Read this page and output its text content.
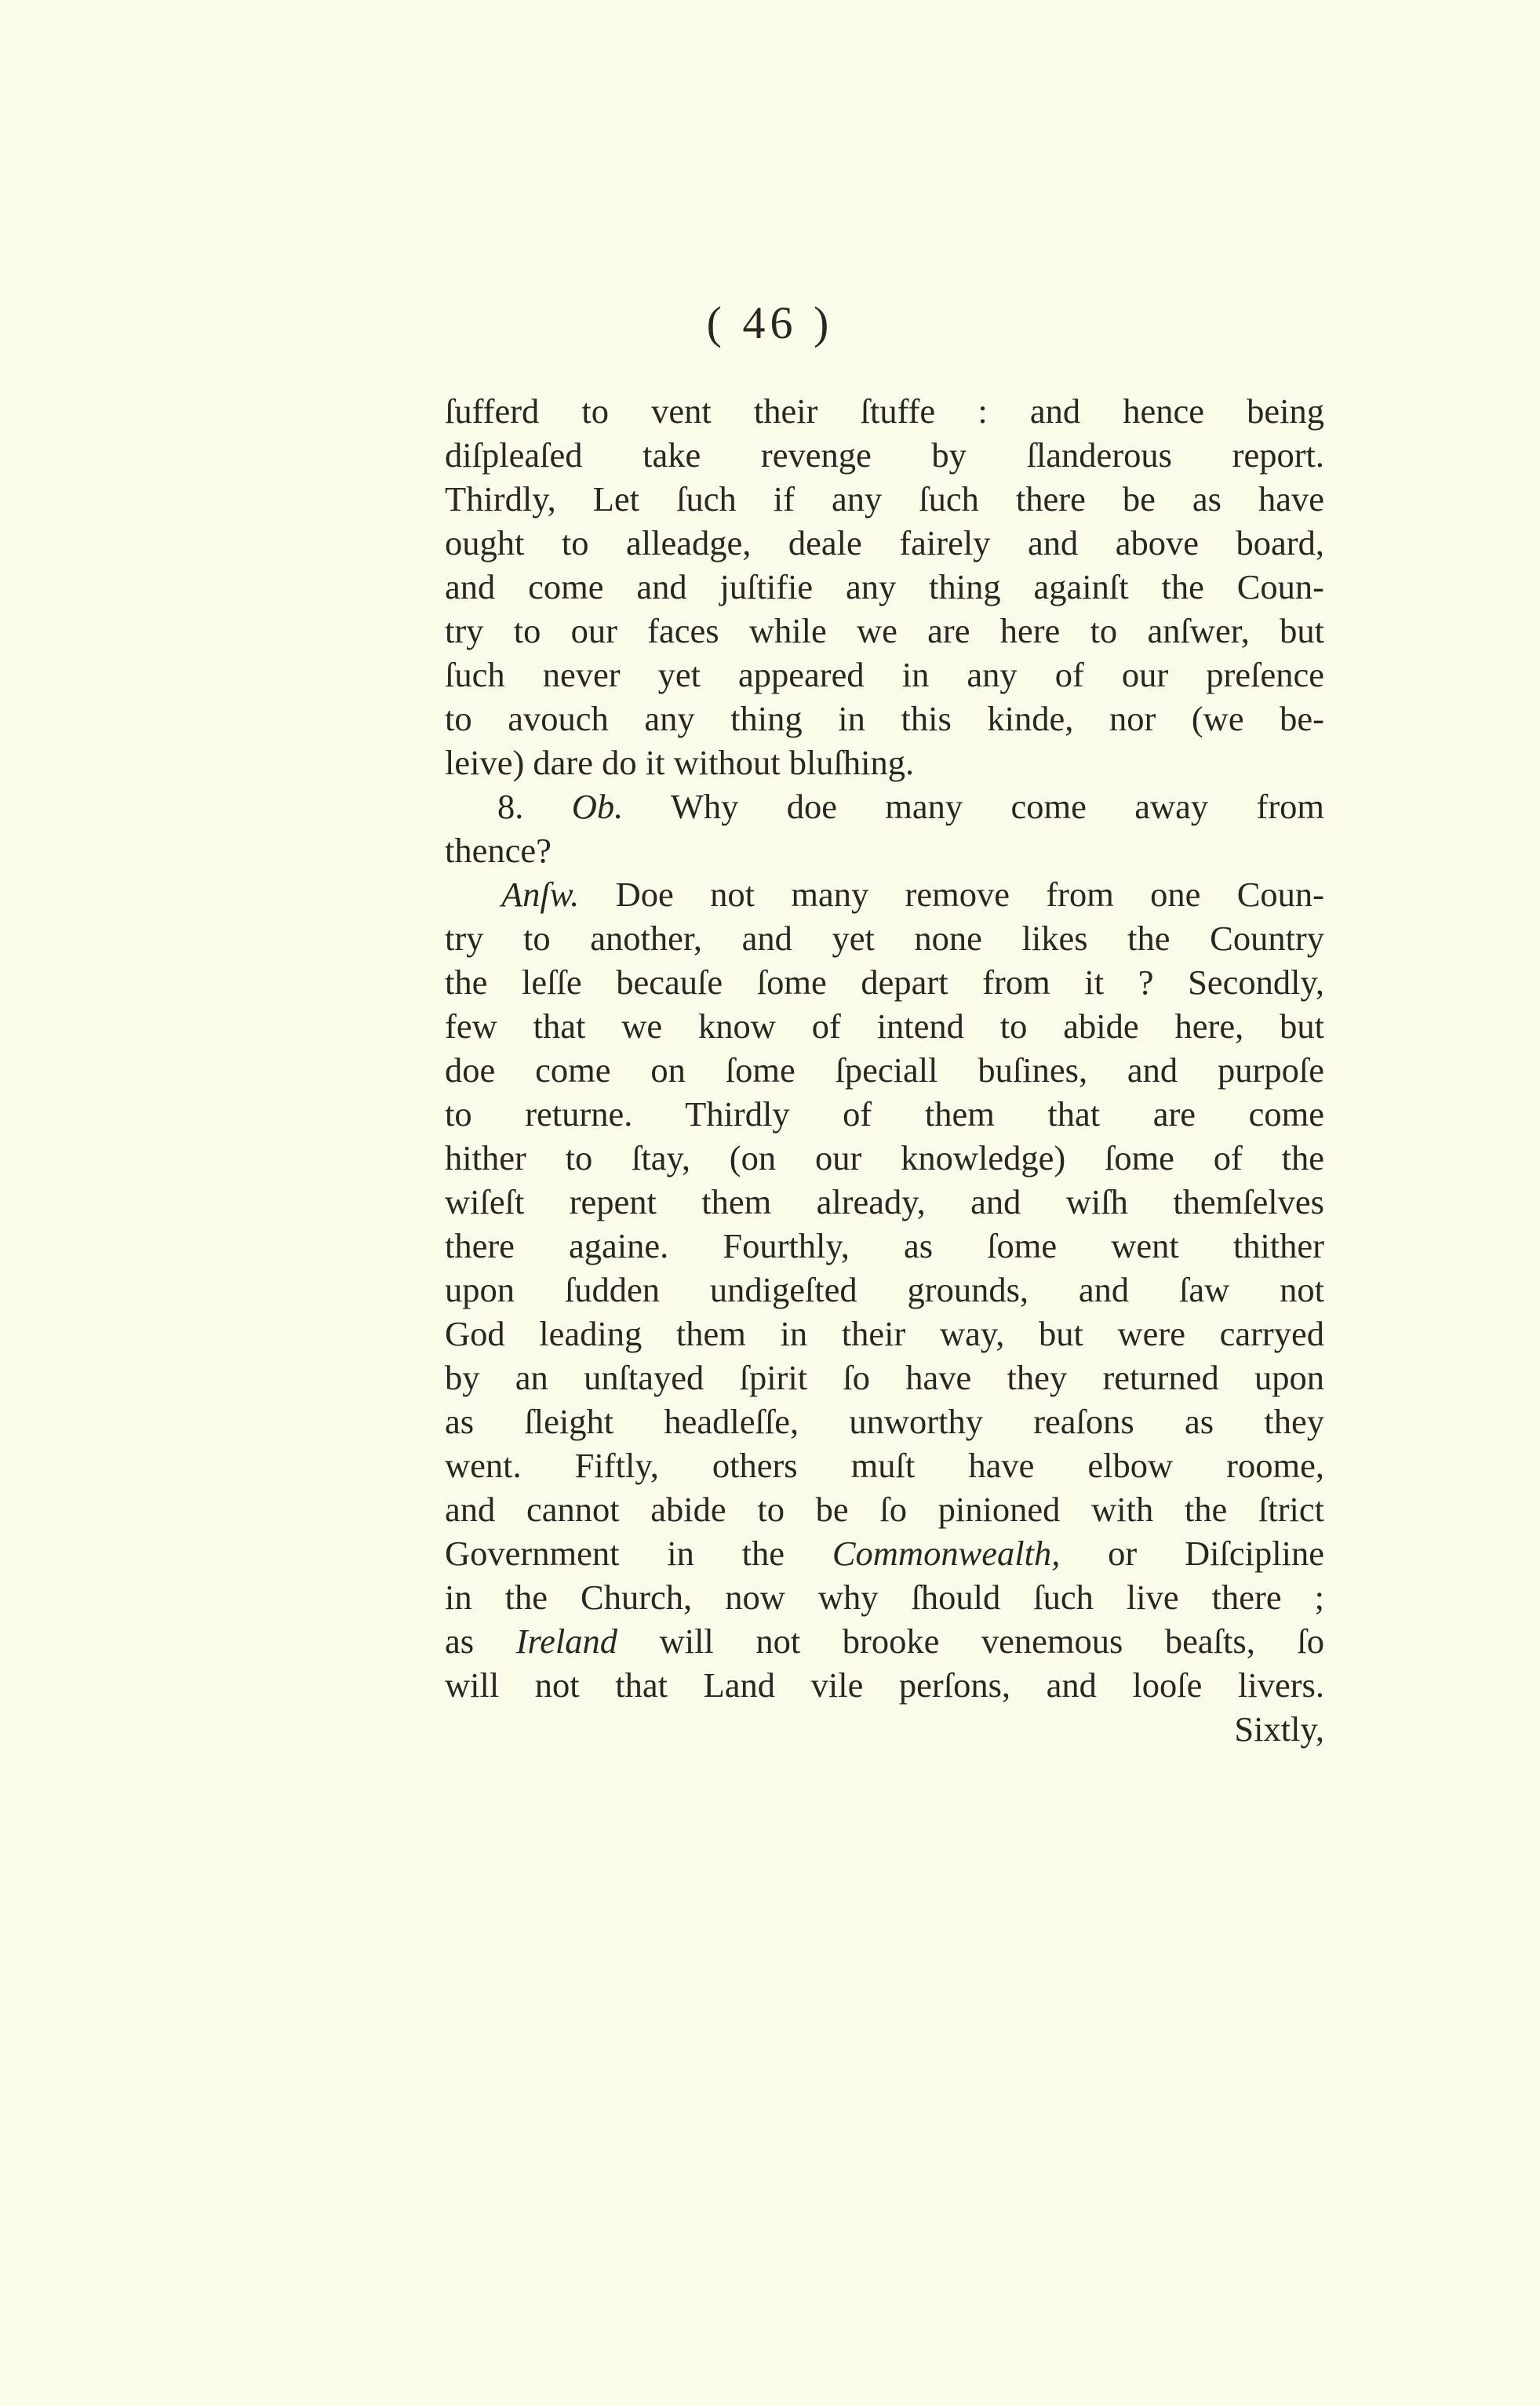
( 46 )
ſufferd to vent their ſtuffe : and hence being
diſpleaſed take revenge by ſlanderous report.
Thirdly, Let ſuch if any ſuch there be as have
ought to alleadge, deale fairely and above board,
and come and juſtifie any thing againſt the Coun-
try to our faces while we are here to anſwer, but
ſuch never yet appeared in any of our preſence
to avouch any thing in this kinde, nor (we be-
leive) dare do it without bluſhing.
8. Ob. Why doe many come away from
thence?
Anſw. Doe not many remove from one Coun-
try to another, and yet none likes the Country
the leſſe becauſe ſome depart from it ? Secondly,
few that we know of intend to abide here, but
doe come on ſome ſpeciall buſines, and purpoſe
to returne. Thirdly of them that are come
hither to ſtay, (on our knowledge) ſome of the
wiſeſt repent them already, and wiſh themſelves
there againe. Fourthly, as ſome went thither
upon ſudden undigeſted grounds, and ſaw not
God leading them in their way, but were carryed
by an unſtayed ſpirit ſo have they returned upon
as ſleight headleſſe, unworthy reaſons as they
went. Fiftly, others muſt have elbow roome,
and cannot abide to be ſo pinioned with the ſtrict
Government in the Commonwealth, or Diſcipline
in the Church, now why ſhould ſuch live there ;
as Ireland will not brooke venemous beaſts, ſo
will not that Land vile perſons, and looſe livers.
Sixtly,
